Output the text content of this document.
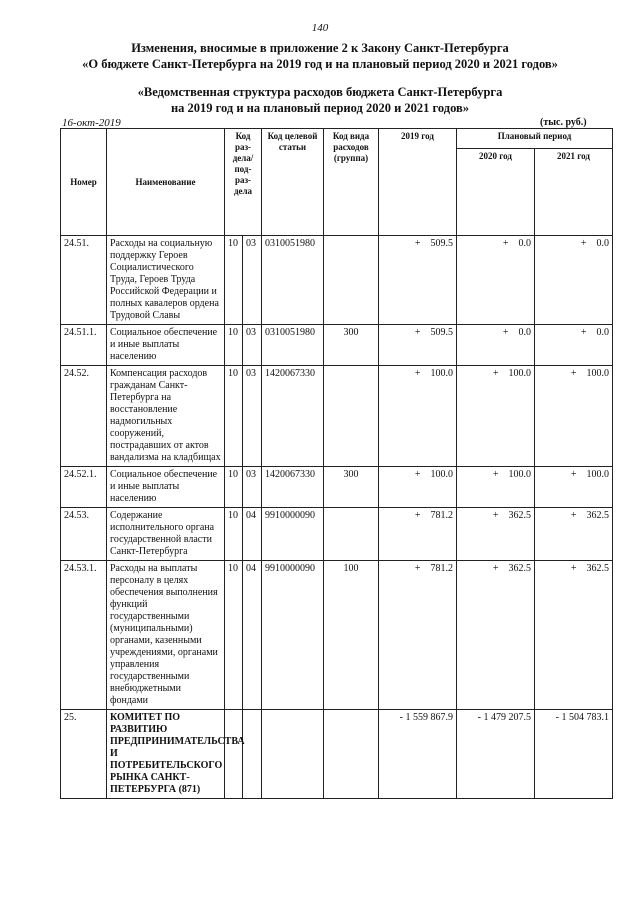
140
Изменения, вносимые в приложение 2 к Закону Санкт-Петербурга
«О бюджете Санкт-Петербурга на 2019 год и на плановый период 2020 и 2021 годов»
«Ведомственная структура расходов бюджета Санкт-Петербурга
на 2019 год и на плановый период 2020 и 2021 годов»
16-окт-2019	(тыс. руб.)
Номер	Наименование	Код раз-дела/ под-раз-дела		Код целевой статьи	Код вида расходов (группа)	2019 год	Плановый период	
							2020 год	2021 год
24.51.	Расходы на социальную поддержку Героев Социалистического Труда, Героев Труда Российской Федерации и полных кавалеров ордена Трудовой Славы	10	03	0310051980		+ 509.5	+ 0.0	+ 0.0
24.51.1.	Социальное обеспечение и иные выплаты населению	10	03	0310051980	300	+ 509.5	+ 0.0	+ 0.0
24.52.	Компенсация расходов гражданам Санкт-Петербурга на восстановление надмогильных сооружений, пострадавших от актов вандализма на кладбищах	10	03	1420067330		+ 100.0	+ 100.0	+ 100.0
24.52.1.	Социальное обеспечение и иные выплаты населению	10	03	1420067330	300	+ 100.0	+ 100.0	+ 100.0
24.53.	Содержание исполнительного органа государственной власти Санкт-Петербурга	10	04	9910000090		+ 781.2	+ 362.5	+ 362.5
24.53.1.	Расходы на выплаты персоналу в целях обеспечения выполнения функций государственными (муниципальными) органами, казенными учреждениями, органами управления государственными внебюджетными фондами	10	04	9910000090	100	+ 781.2	+ 362.5	+ 362.5
25.	КОМИТЕТ ПО РАЗВИТИЮ ПРЕДПРИНИМАТЕЛЬСТВА И ПОТРЕБИТЕЛЬСКОГО РЫНКА САНКТ-ПЕТЕРБУРГА (871)					- 1 559 867.9	- 1 479 207.5	- 1 504 783.1
